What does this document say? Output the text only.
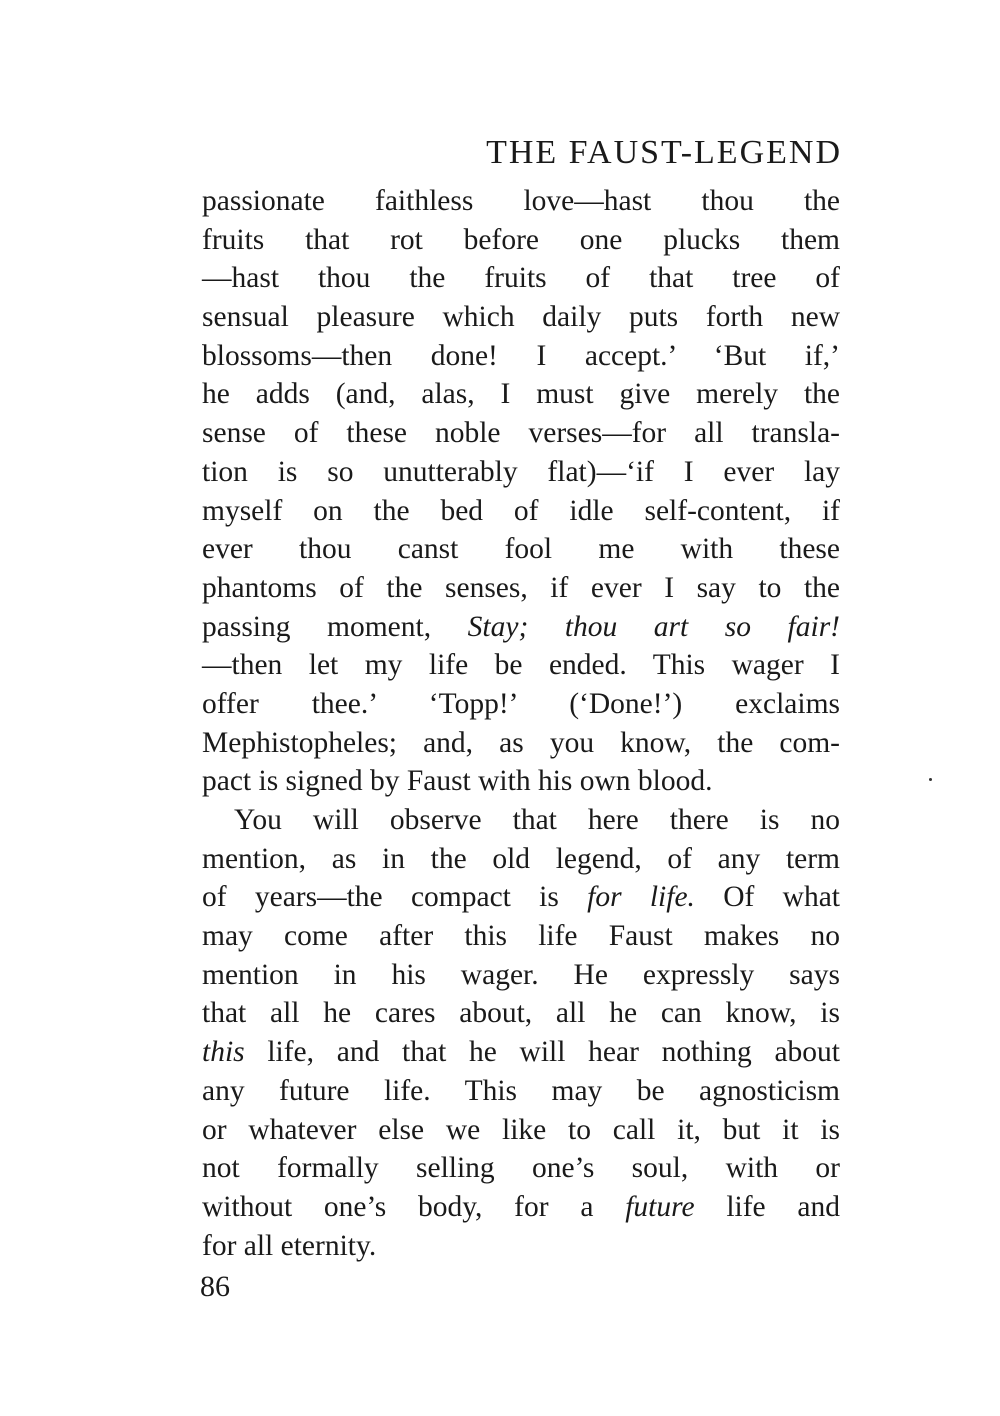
THE FAUST-LEGEND
passionate faithless love—hast thou the
fruits that rot before one plucks them
—hast thou the fruits of that tree of
sensual pleasure which daily puts forth new
blossoms—then done! I accept.’ ‘But if,’
he adds (and, alas, I must give merely the
sense of these noble verses—for all transla-
tion is so unutterably flat)—‘if I ever lay
myself on the bed of idle self-content, if
ever thou canst fool me with these
phantoms of the senses, if ever I say to the
passing moment, Stay; thou art so fair!
—then let my life be ended. This wager I
offer thee.’ ‘Topp!’ (‘Done!’) exclaims
Mephistopheles; and, as you know, the com-
pact is signed by Faust with his own blood.
You will observe that here there is no
mention, as in the old legend, of any term
of years—the compact is for life. Of what
may come after this life Faust makes no
mention in his wager. He expressly says
that all he cares about, all he can know, is
this life, and that he will hear nothing about
any future life. This may be agnosticism
or whatever else we like to call it, but it is
not formally selling one’s soul, with or
without one’s body, for a future life and
for all eternity.
86
